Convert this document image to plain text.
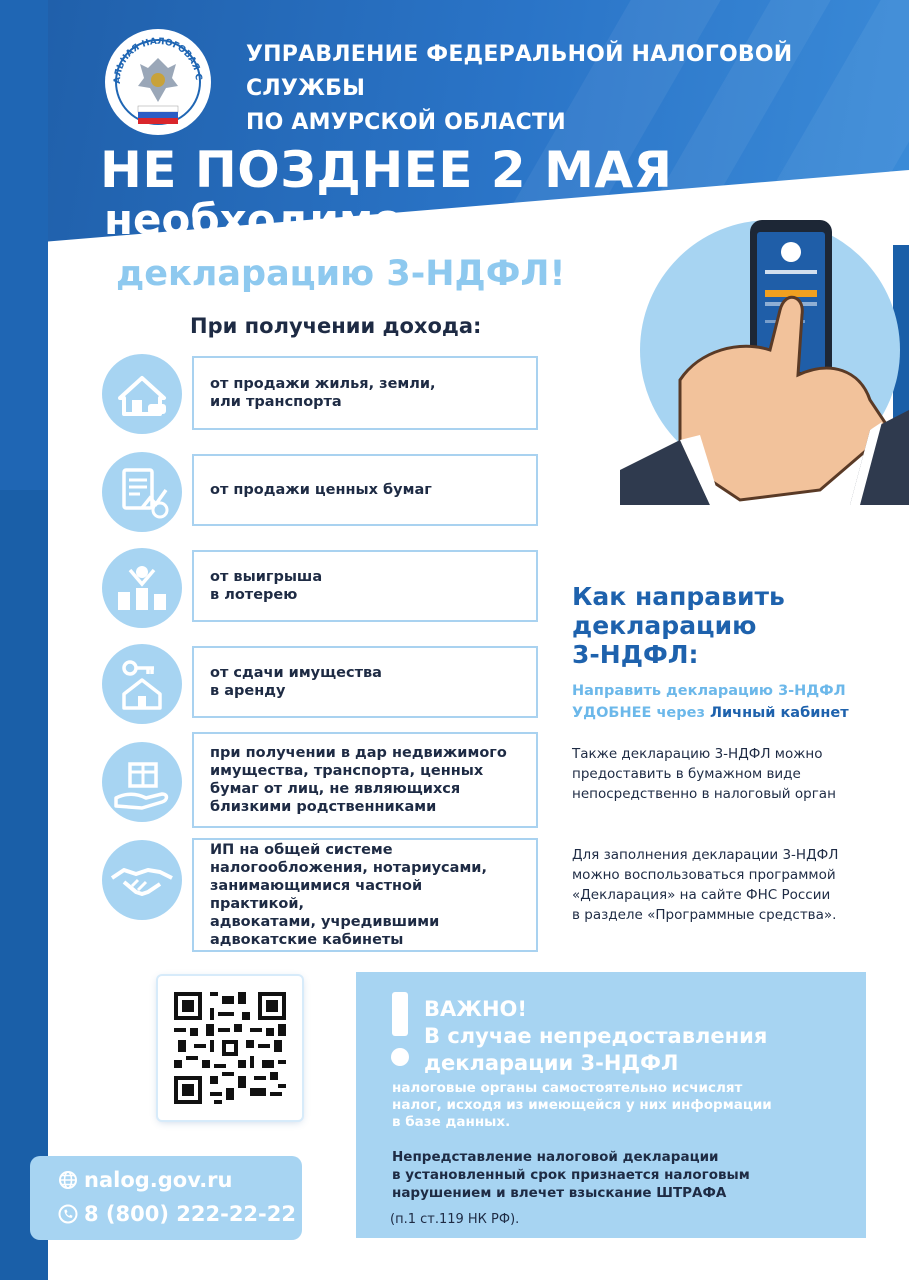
АЛЬНАЯ НАЛОГОВАЯ С
УПРАВЛЕНИЕ ФЕДЕРАЛЬНОЙ НАЛОГОВОЙ СЛУЖБЫ
ПО АМУРСКОЙ ОБЛАСТИ
НЕ ПОЗДНЕЕ 2 МАЯ
необходимо подать
декларацию 3-НДФЛ!
При получении дохода:
от продажи жилья, земли,
или транспорта
от продажи ценных бумаг
от выигрыша
в лотерею
от сдачи имущества
в аренду
при получении в дар недвижимого
имущества, транспорта, ценных
бумаг от лиц, не являющихся
близкими родственниками
ИП на общей системе
налогообложения, нотариусами,
занимающимися частной практикой,
адвокатами, учредившими
адвокатские кабинеты
Как направить
декларацию
3-НДФЛ:
Направить декларацию 3-НДФЛ
УДОБНЕЕ через Личный кабинет
Также декларацию 3-НДФЛ можно
предоставить в бумажном виде
непосредственно в налоговый орган
Для заполнения декларации 3-НДФЛ
можно воспользоваться программой
«Декларация» на сайте ФНС России
в разделе «Программные средства».
nalog.gov.ru
8 (800) 222-22-22
ВАЖНО!
В случае непредоставления
декларации 3-НДФЛ
налоговые органы самостоятельно исчислят
налог, исходя из имеющейся у них информации
в базе данных.
Непредставление налоговой декларации
в установленный срок признается налоговым
нарушением и влечет взыскание ШТРАФА
(п.1 ст.119 НК РФ).
